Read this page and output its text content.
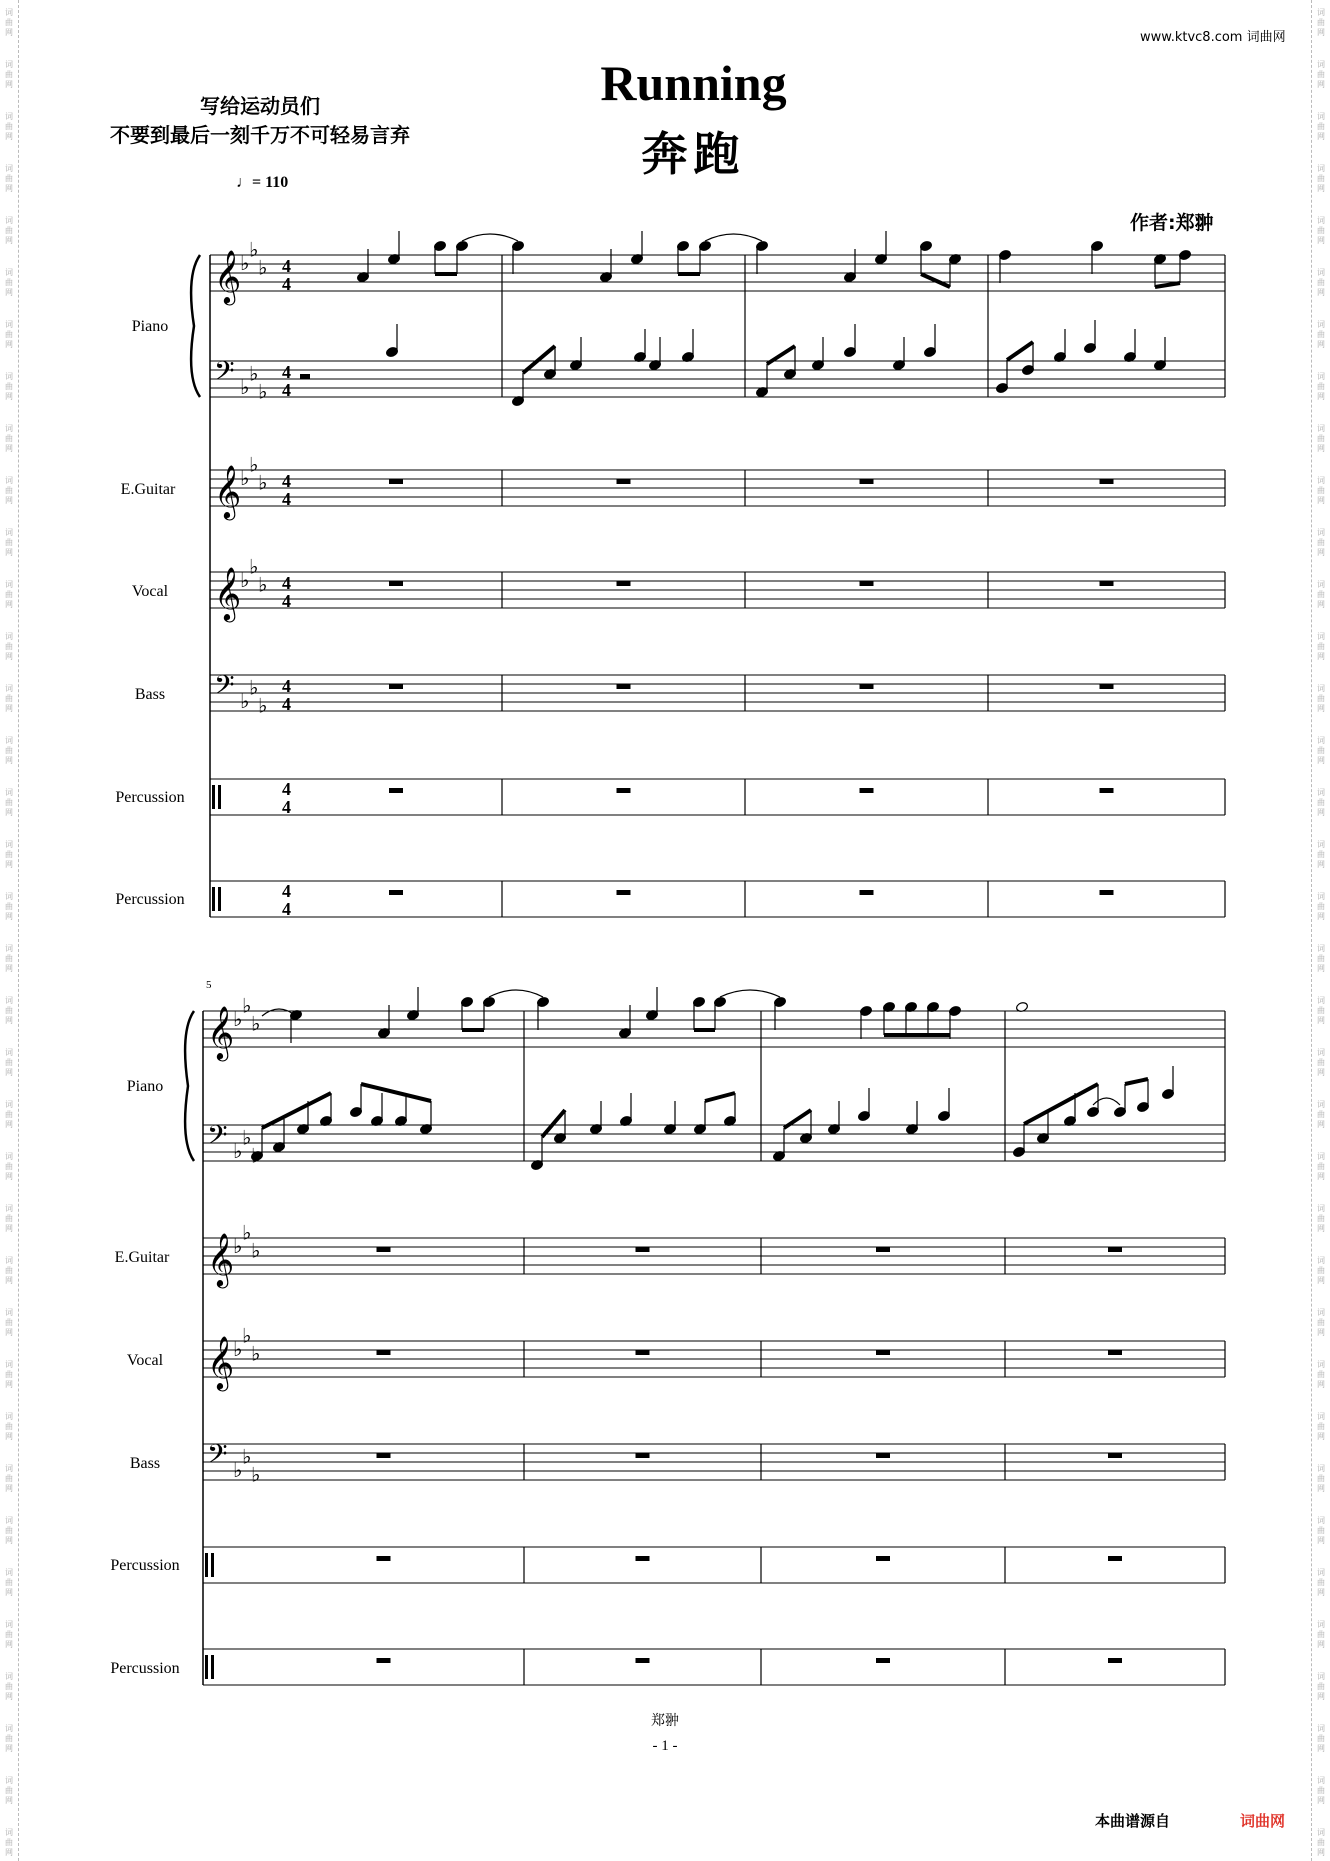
词
曲
网
词
曲
网
词
曲
网
词
曲
网
词
曲
网
词
曲
网
词
曲
网
词
曲
网
词
曲
网
词
曲
网
词
曲
网
词
曲
网
词
曲
网
词
曲
网
词
曲
网
词
曲
网
词
曲
网
词
曲
网
词
曲
网
词
曲
网
词
曲
网
词
曲
网
词
曲
网
词
曲
网
词
曲
网
词
曲
网
词
曲
网
词
曲
网
词
曲
网
词
曲
网
词
曲
网
词
曲
网
词
曲
网
词
曲
网
词
曲
网
词
曲
网
词
曲
网
词
曲
网
词
曲
网
词
曲
网
词
曲
网
词
曲
网
词
曲
网
词
曲
网
词
曲
网
词
曲
网
词
曲
网
词
曲
网
词
曲
网
词
曲
网
词
曲
网
词
曲
网
词
曲
网
词
曲
网
词
曲
网
词
曲
网
词
曲
网
词
曲
网
词
曲
网
词
曲
网
词
曲
网
词
曲
网
词
曲
网
词
曲
网
词
曲
网
词
曲
网
词
曲
网
词
曲
网
词
曲
网
词
曲
网
词
曲
网
词
曲
网
www.ktvc8.com 词曲网
Running
奔跑
写给运动员们
不要到最后一刻千万不可轻易言弃
♩= 110
作者:郑翀
Piano
E.Guitar
Vocal
Bass
Percussion
Percussion
Piano
E.Guitar
Vocal
Bass
Percussion
Percussion
5
𝄞
♭
♭
♭ 4
4
𝄢 ♭
♭
♭
4
4
𝄞
♭
♭
♭ 4
4
𝄞
♭
♭
♭ 4
4
𝄢 ♭
♭
♭
4
4
4
4
4
4
𝄞
♭
♭
♭
𝄢 ♭
♭
𝄞
♭
♭
♭
𝄞
♭
♭
♭
𝄢 ♭
♭
♭
郑翀
- 1 -
本曲谱源自	词曲网
